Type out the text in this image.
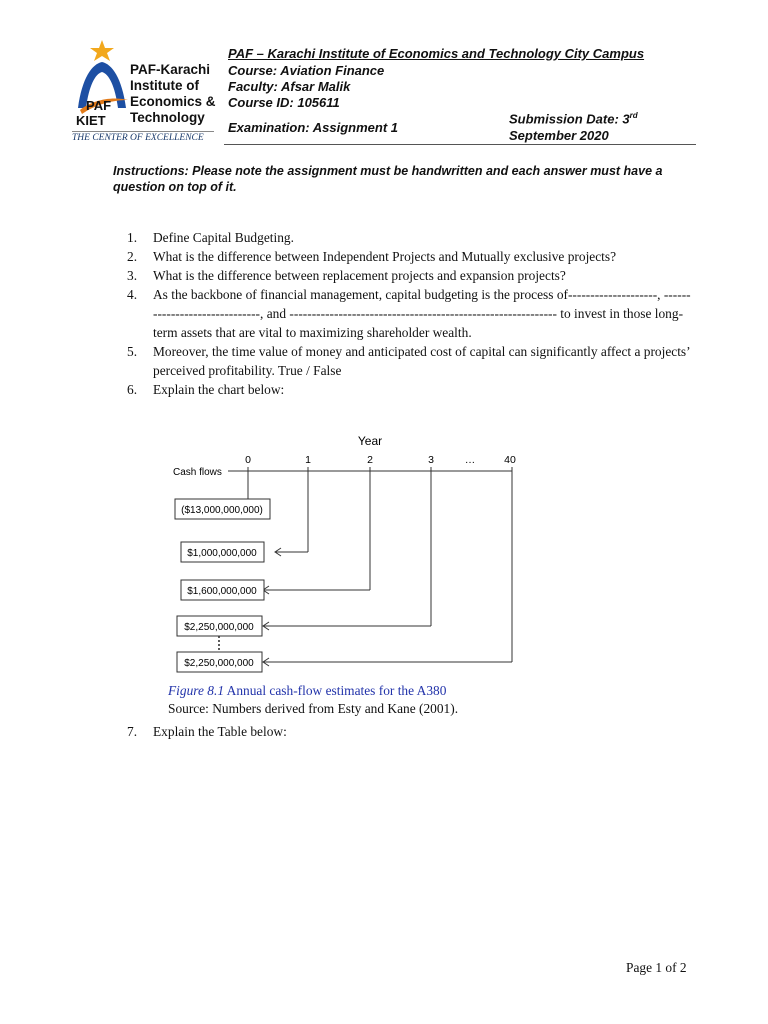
PAF
KIET
PAF-Karachi
Institute of
Economics &
Technology
THE CENTER OF EXCELLENCE
PAF – Karachi Institute of Economics and Technology City Campus
Course: Aviation Finance
Faculty: Afsar Malik
Course ID: 105611
Examination: Assignment 1
Submission Date: 3rd
September 2020
Instructions: Please note the assignment must be handwritten and each answer must have a question on top of it.
1. Define Capital Budgeting.
2. What is the difference between Independent Projects and Mutually exclusive projects?
3. What is the difference between replacement projects and expansion projects?
4. As the backbone of financial management, capital budgeting is the process of--------------------, ------------------------------, and ------------------------------------------------------------ to invest in those long-term assets that are vital to maximizing shareholder wealth.
5. Moreover, the time value of money and anticipated cost of capital can significantly affect a projects’ perceived profitability. True / False
6. Explain the chart below:
Year
0	1	2	3	…	40
Cash flows
($13,000,000,000)
$1,000,000,000
$1,600,000,000
$2,250,000,000
$2,250,000,000
Figure 8.1 Annual cash-flow estimates for the A380
Source: Numbers derived from Esty and Kane (2001).
7. Explain the Table below:
Page 1 of 2
